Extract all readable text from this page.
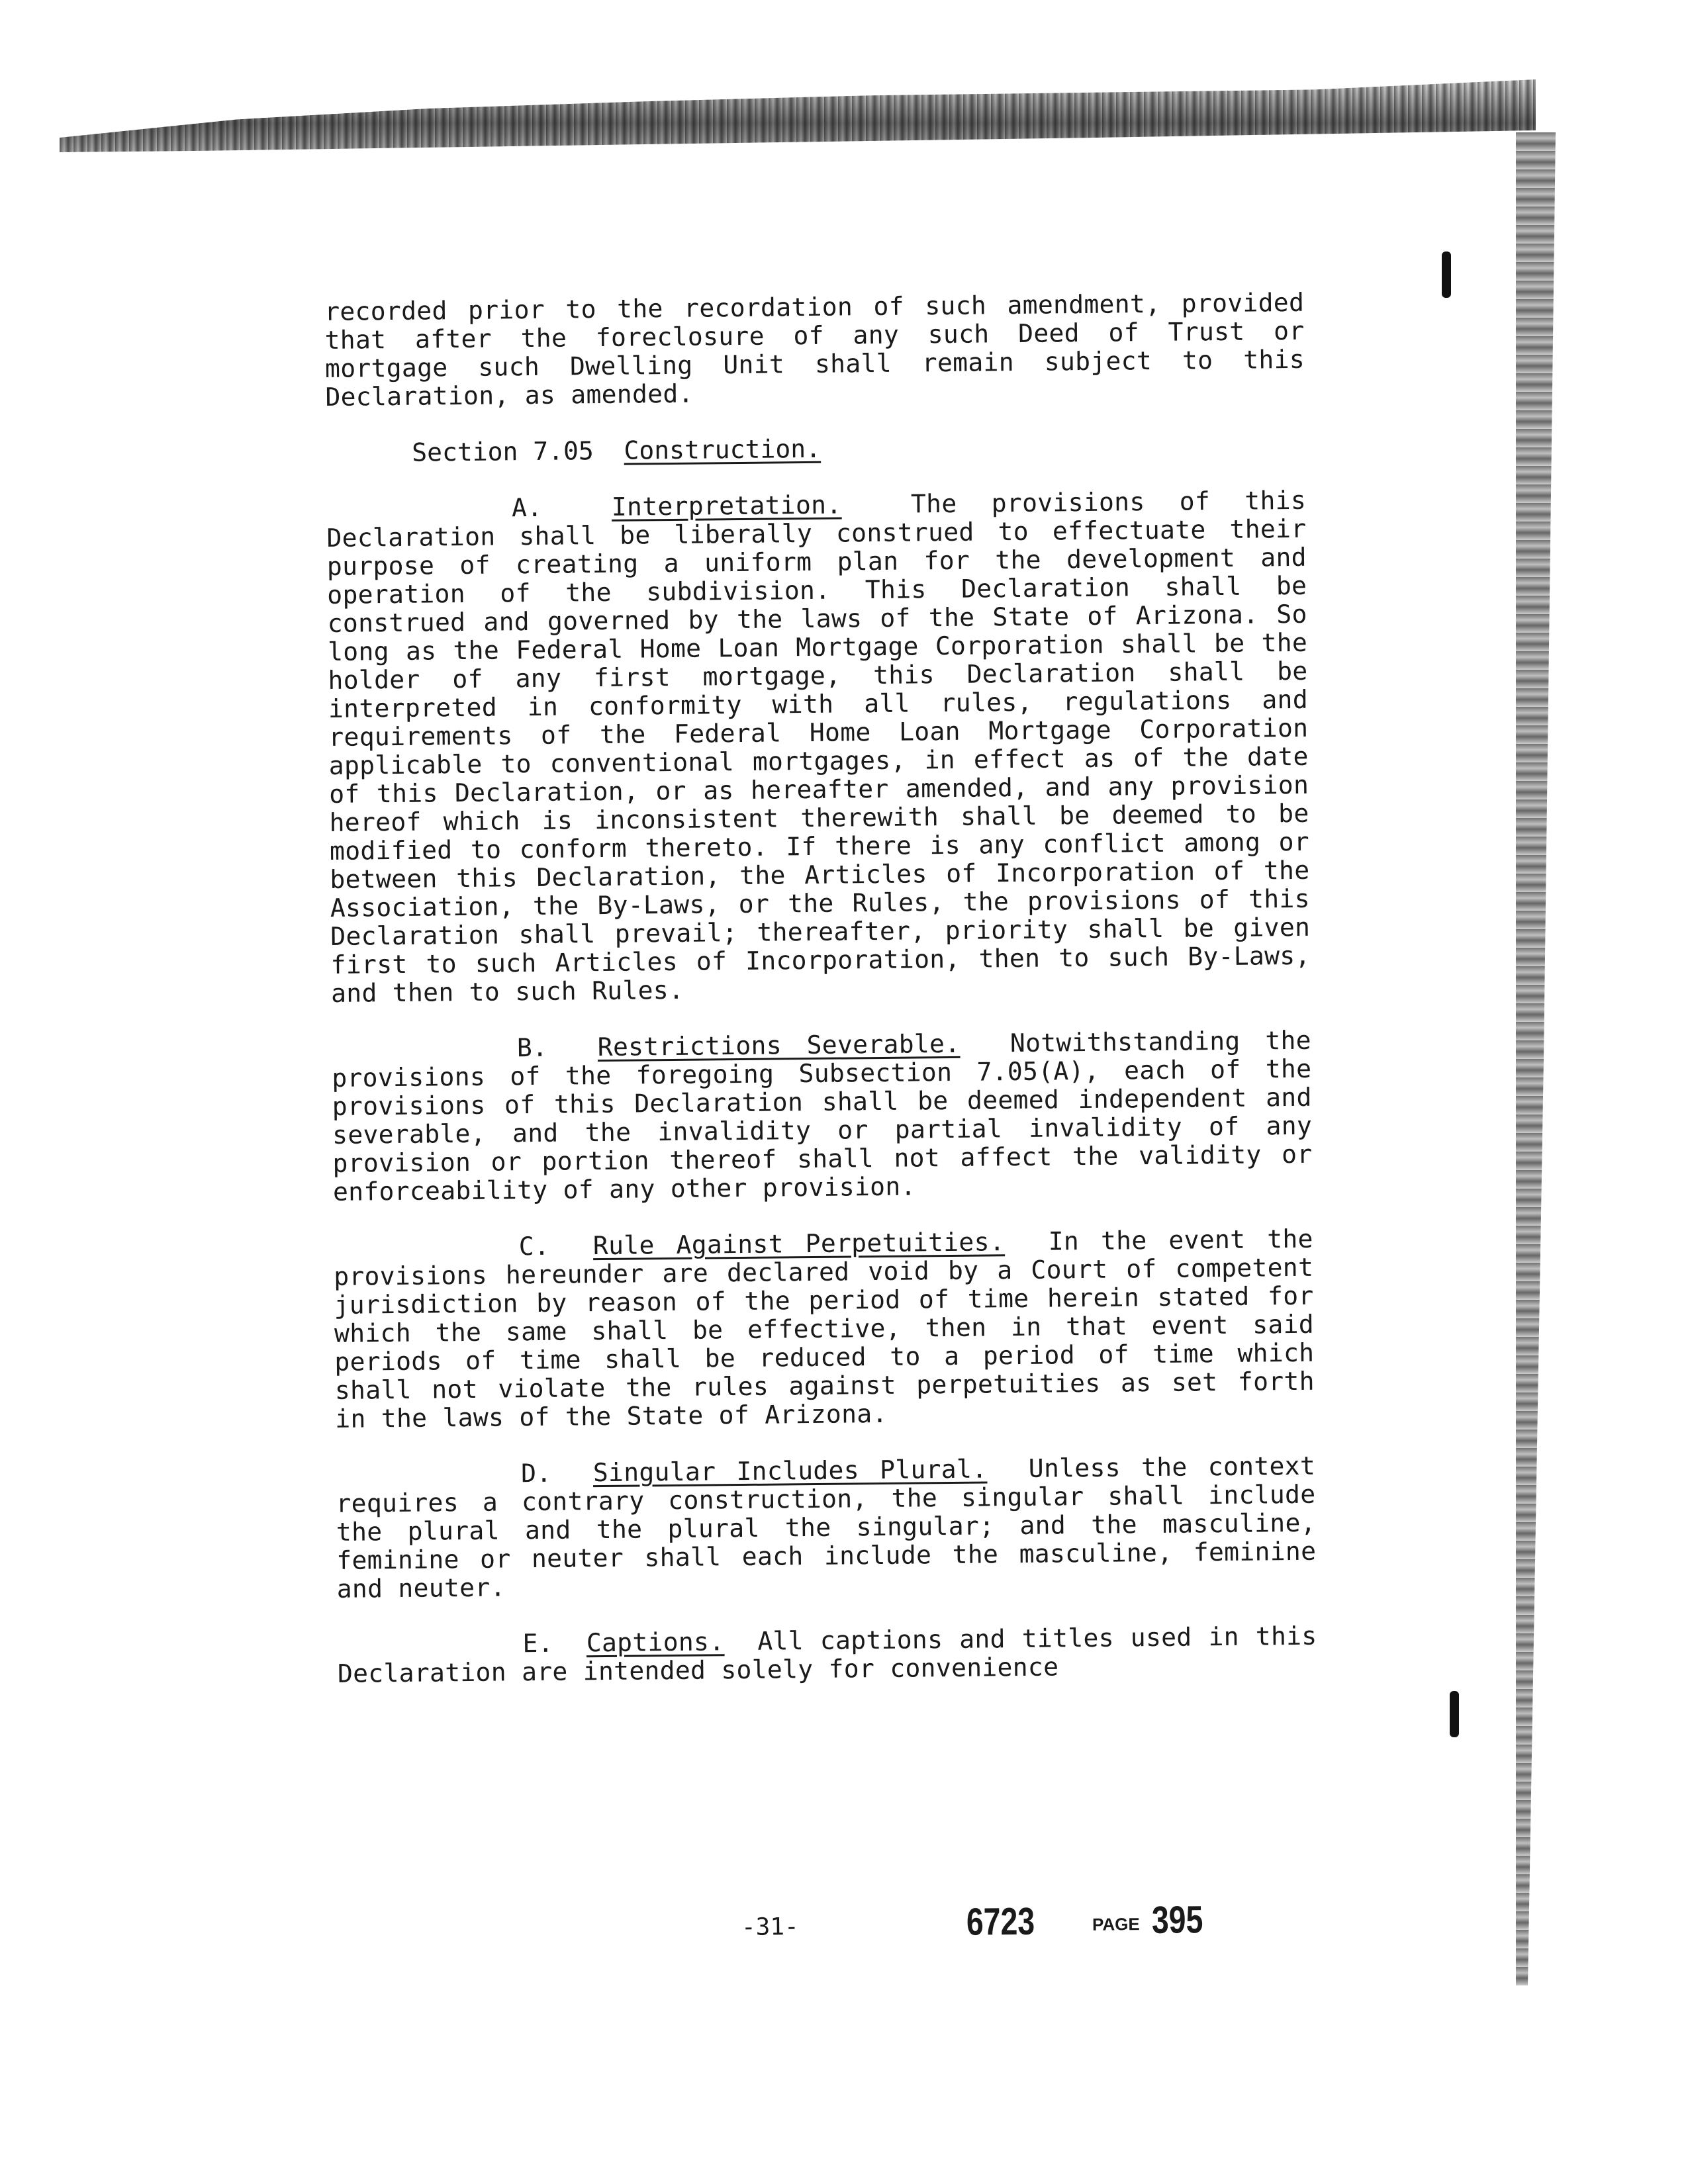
recorded prior to the recordation of such amendment, provided that after the foreclosure of any such Deed of Trust or mortgage such Dwelling Unit shall remain subject to this Declaration, as amended.

Section 7.05 Construction.

A.	Interpretation.	The provisions of this Declaration shall be liberally construed to effectuate their purpose of creating a uniform plan for the development and operation of the subdivision. This Declaration shall be construed and governed by the laws of the State of Arizona. So long as the Federal Home Loan Mortgage Corporation shall be the holder of any first mortgage, this Declaration shall be interpreted in conformity with all rules, regulations and requirements of the Federal Home Loan Mortgage Corporation applicable to conventional mortgages, in effect as of the date of this Declaration, or as hereafter amended, and any provision hereof which is inconsistent therewith shall be deemed to be modified to conform thereto. If there is any conflict among or between this Declaration, the Articles of Incorporation of the Association, the By-Laws, or the Rules, the provisions of this Declaration shall prevail; thereafter, priority shall be given first to such Articles of Incorporation, then to such By-Laws, and then to such Rules.

B. Restrictions Severable. Notwithstanding the provisions of the foregoing Subsection 7.05(A), each of the provisions of this Declaration shall be deemed independent and severable, and the invalidity or partial invalidity of any provision or portion thereof shall not affect the validity or enforceability of any other provision.

C. Rule Against Perpetuities. In the event the provisions hereunder are declared void by a Court of competent jurisdiction by reason of the period of time herein stated for which the same shall be effective, then in that event said periods of time shall be reduced to a period of time which shall not violate the rules against perpetuities as set forth in the laws of the State of Arizona.

D. Singular Includes Plural. Unless the context requires a contrary construction, the singular shall include the plural and the plural the singular; and the masculine, feminine or neuter shall each include the masculine, feminine and neuter.

E. Captions. All captions and titles used in this Declaration are intended solely for convenience

-31-	6723	PAGE 395
